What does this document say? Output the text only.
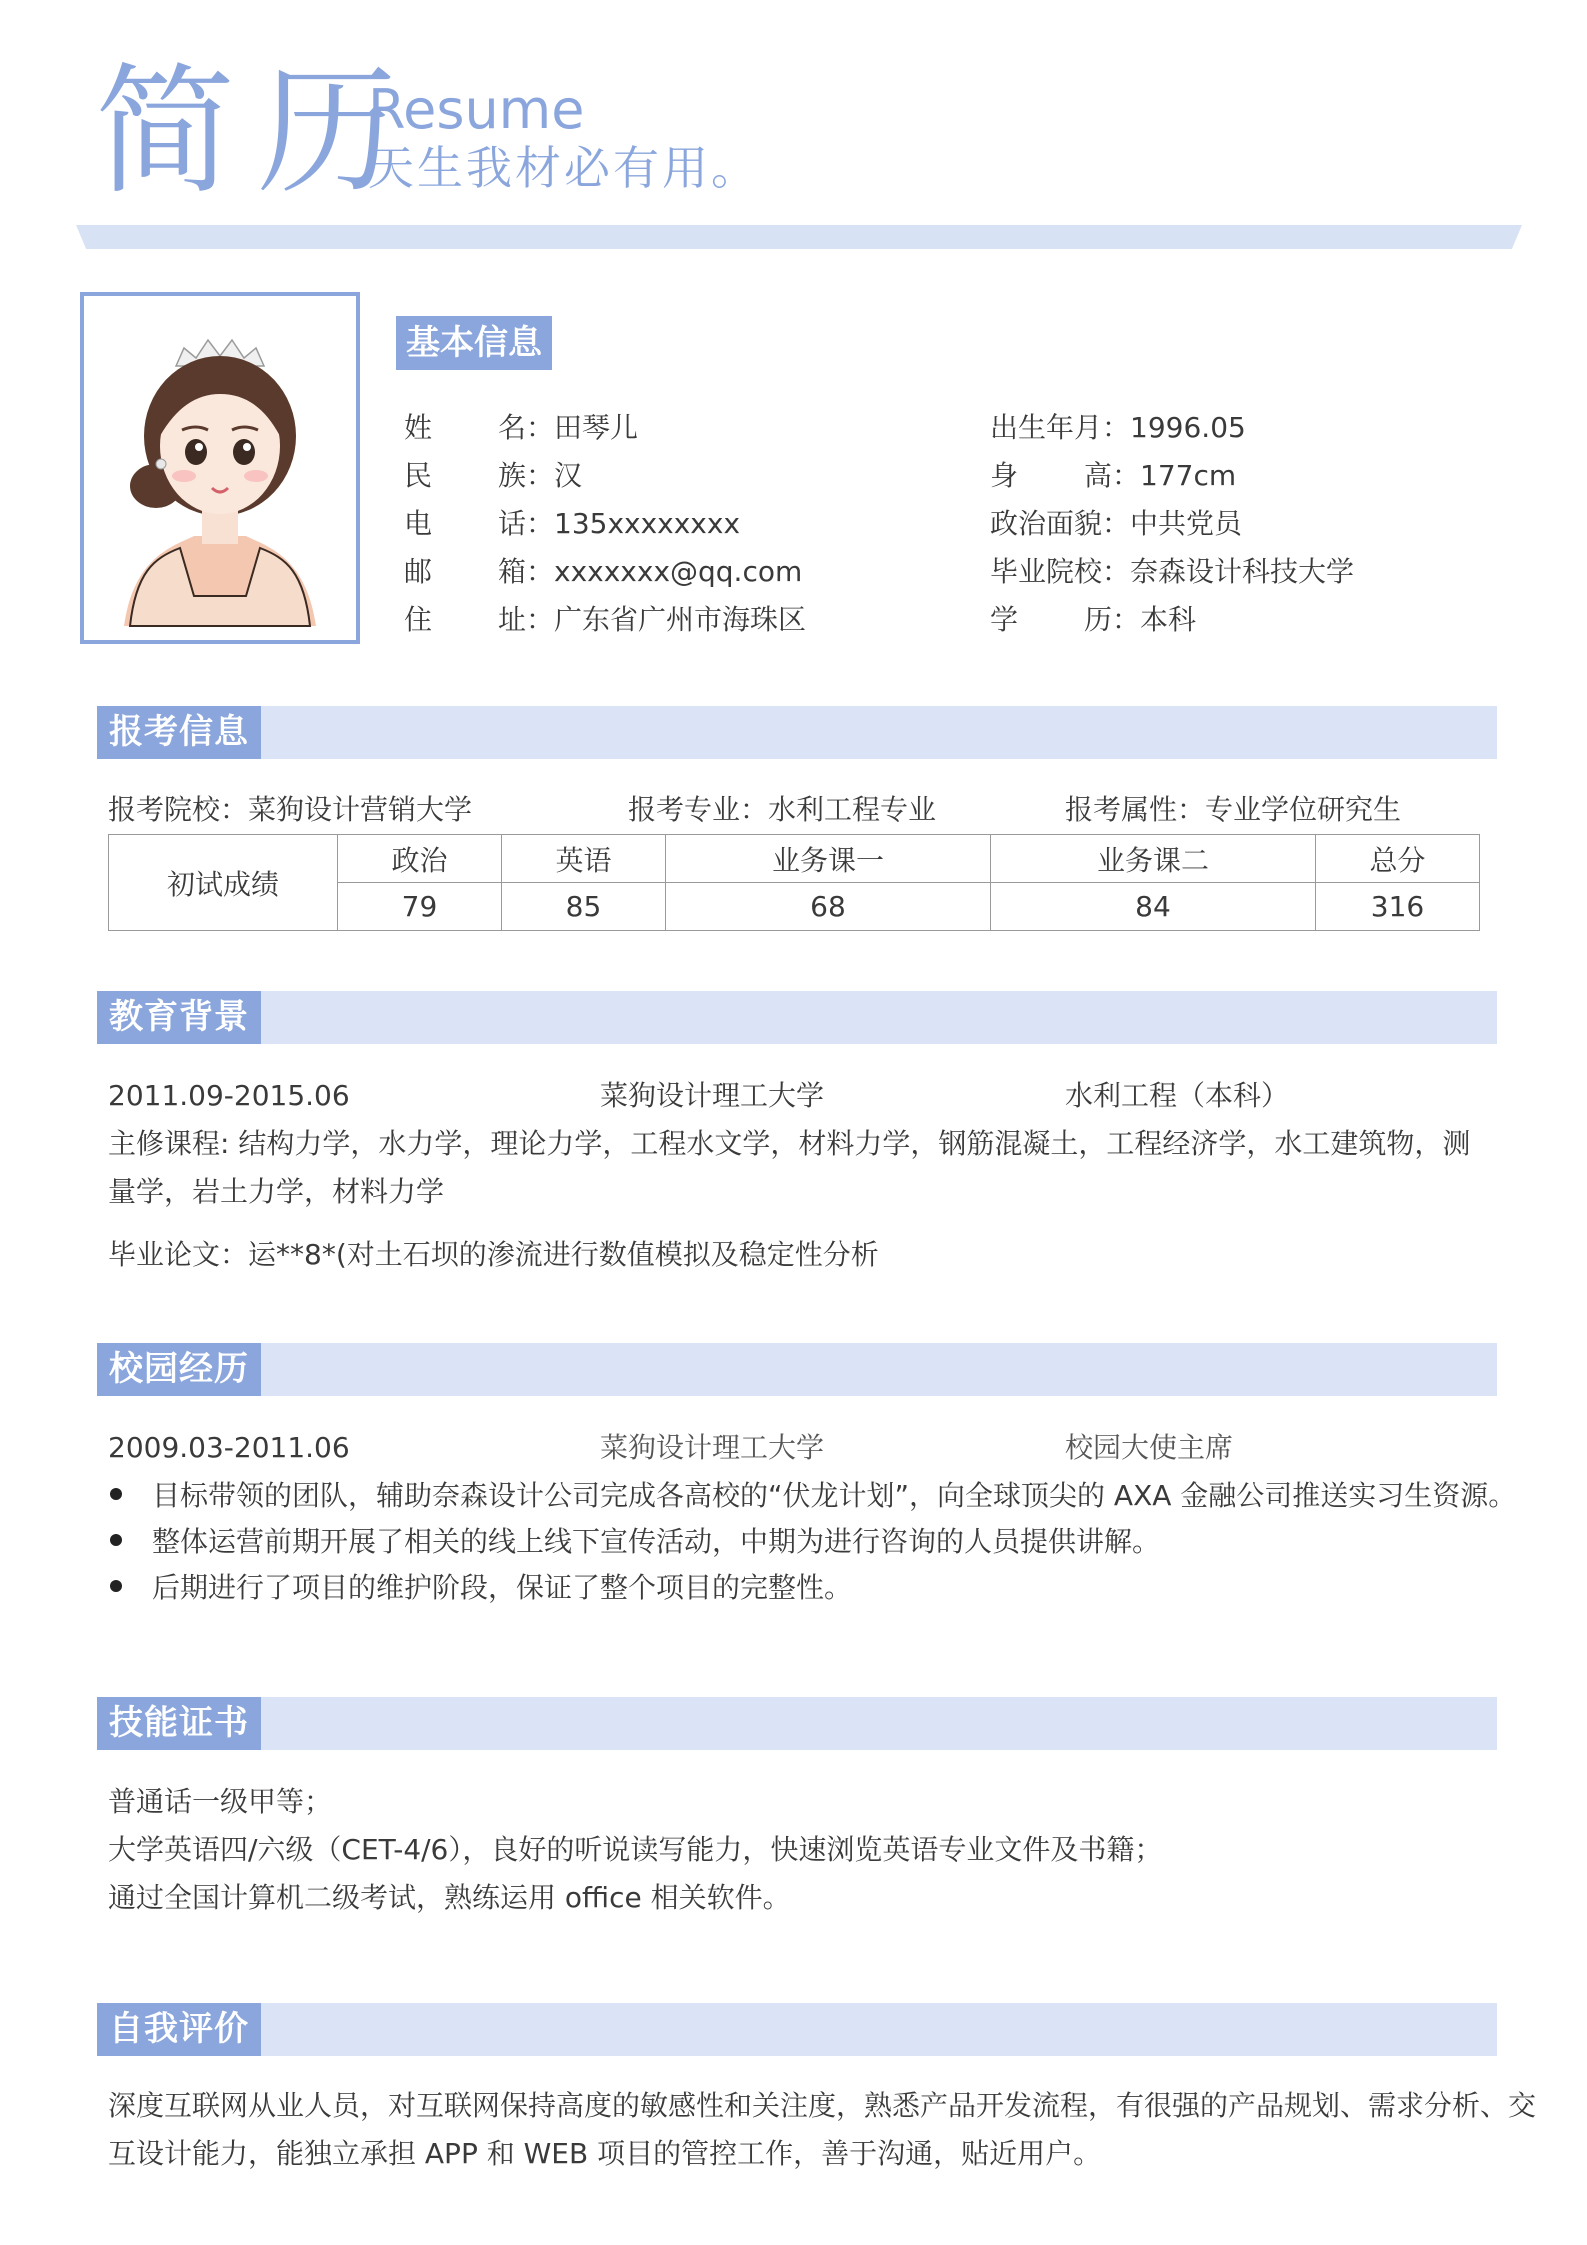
简历
Resume
天生我材必有用。
基本信息
姓 名 ：田琴儿
民 族 ：汉
电 话 ：135xxxxxxxx
邮 箱 ：xxxxxxx@qq.com
住 址 ：广东省广州市海珠区
出生年月：1996.05
身 高 ：177cm
政治面貌：中共党员
毕业院校：奈森设计科技大学
学 历 ：本科
报考信息
报考院校：菜狗设计营销大学	报考专业：水利工程专业	报考属性：专业学位研究生
初试成绩	政治	英语	业务课一	业务课二	总分
	79	85	68	84	316
教育背景
2011.09-2015.06	菜狗设计理工大学	水利工程（本科）
主修课程: 结构力学，水力学，理论力学，工程水文学，材料力学，钢筋混凝土，工程经济学，水工建筑物，测
量学，岩土力学，材料力学
毕业论文：运**8*(对土石坝的渗流进行数值模拟及稳定性分析
校园经历
2009.03-2011.06	菜狗设计理工大学	校园大使主席
目标带领的团队，辅助奈森设计公司完成各高校的“伏龙计划”，向全球顶尖的 AXA 金融公司推送实习生资源。
整体运营前期开展了相关的线上线下宣传活动，中期为进行咨询的人员提供讲解。
后期进行了项目的维护阶段，保证了整个项目的完整性。
技能证书
普通话一级甲等；
大学英语四/六级（CET-4/6），良好的听说读写能力，快速浏览英语专业文件及书籍；
通过全国计算机二级考试，熟练运用 office 相关软件。
自我评价
深度互联网从业人员，对互联网保持高度的敏感性和关注度，熟悉产品开发流程，有很强的产品规划、需求分析、交
互设计能力，能独立承担 APP 和 WEB 项目的管控工作，善于沟通，贴近用户。
